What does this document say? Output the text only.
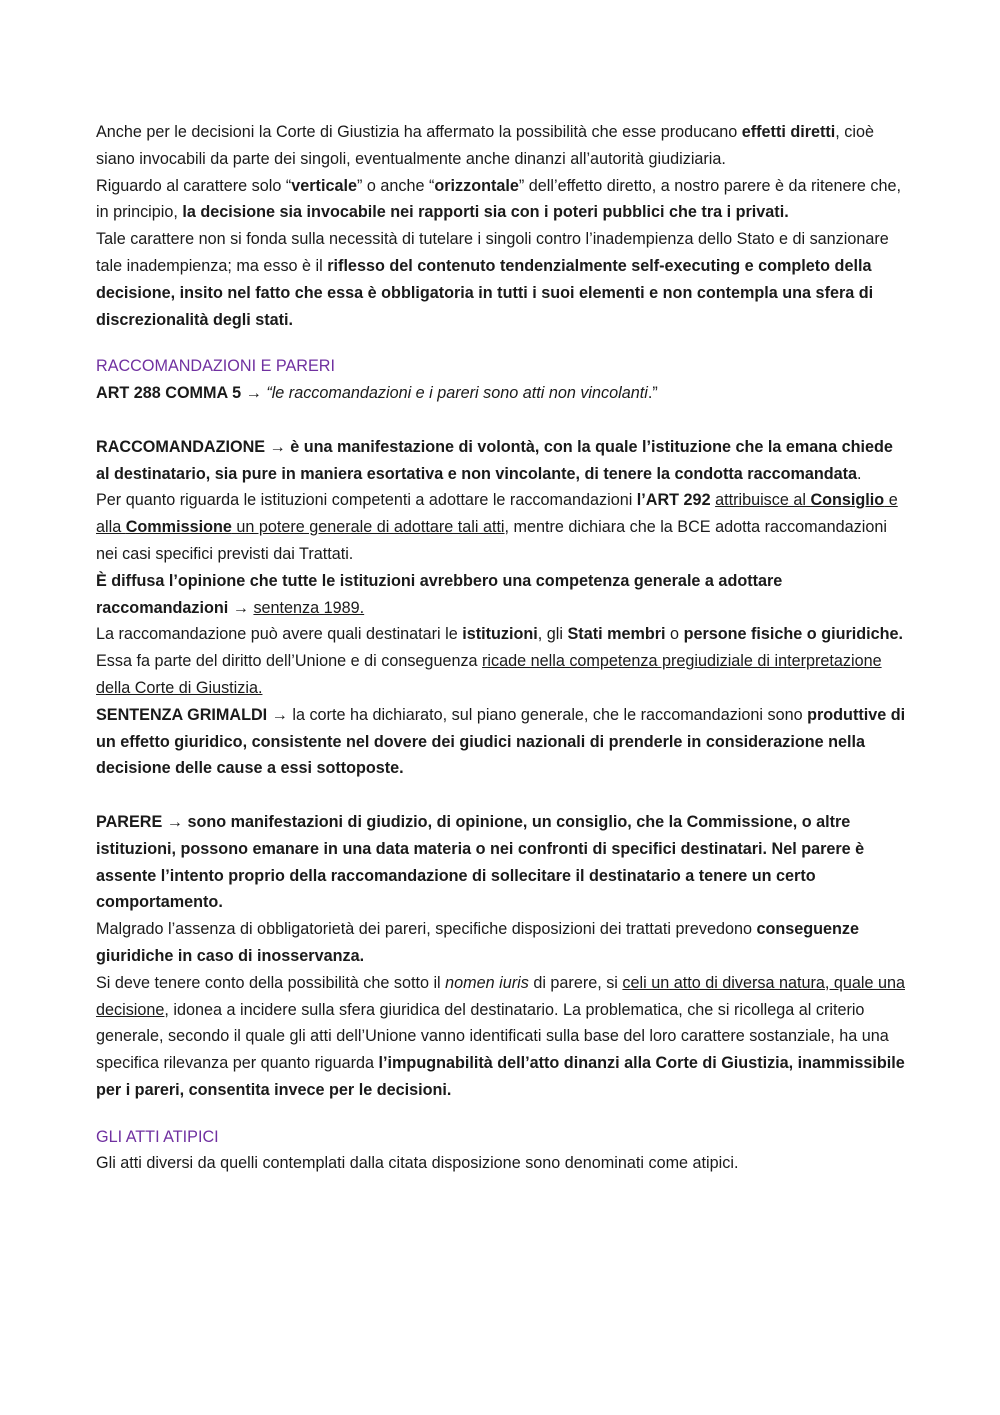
Anche per le decisioni la Corte di Giustizia ha affermato la possibilità che esse producano effetti diretti, cioè siano invocabili da parte dei singoli, eventualmente anche dinanzi all’autorità giudiziaria.

Riguardo al carattere solo “verticale” o anche “orizzontale” dell’effetto diretto, a nostro parere è da ritenere che, in principio, la decisione sia invocabile nei rapporti sia con i poteri pubblici che tra i privati.

Tale carattere non si fonda sulla necessità di tutelare i singoli contro l’inadempienza dello Stato e di sanzionare tale inadempienza; ma esso è il riflesso del contenuto tendenzialmente self-executing e completo della decisione, insito nel fatto che essa è obbligatoria in tutti i suoi elementi e non contempla una sfera di discrezionalità degli stati.

RACCOMANDAZIONI E PARERI

ART 288 COMMA 5 → “le raccomandazioni e i pareri sono atti non vincolanti.”

RACCOMANDAZIONE → è una manifestazione di volontà, con la quale l’istituzione che la emana chiede al destinatario, sia pure in maniera esortativa e non vincolante, di tenere la condotta raccomandata.

Per quanto riguarda le istituzioni competenti a adottare le raccomandazioni l’ART 292 attribuisce al Consiglio e alla Commissione un potere generale di adottare tali atti, mentre dichiara che la BCE adotta raccomandazioni nei casi specifici previsti dai Trattati.

È diffusa l’opinione che tutte le istituzioni avrebbero una competenza generale a adottare raccomandazioni → sentenza 1989.

La raccomandazione può avere quali destinatari le istituzioni, gli Stati membri o persone fisiche o giuridiche.

Essa fa parte del diritto dell’Unione e di conseguenza ricade nella competenza pregiudiziale di interpretazione della Corte di Giustizia.

SENTENZA GRIMALDI → la corte ha dichiarato, sul piano generale, che le raccomandazioni sono produttive di un effetto giuridico, consistente nel dovere dei giudici nazionali di prenderle in considerazione nella decisione delle cause a essi sottoposte.

PARERE → sono manifestazioni di giudizio, di opinione, un consiglio, che la Commissione, o altre istituzioni, possono emanare in una data materia o nei confronti di specifici destinatari. Nel parere è assente l’intento proprio della raccomandazione di sollecitare il destinatario a tenere un certo comportamento.

Malgrado l’assenza di obbligatorietà dei pareri, specifiche disposizioni dei trattati prevedono conseguenze giuridiche in caso di inosservanza.

Si deve tenere conto della possibilità che sotto il nomen iuris di parere, si celi un atto di diversa natura, quale una decisione, idonea a incidere sulla sfera giuridica del destinatario. La problematica, che si ricollega al criterio generale, secondo il quale gli atti dell’Unione vanno identificati sulla base del loro carattere sostanziale, ha una specifica rilevanza per quanto riguarda l’impugnabilità dell’atto dinanzi alla Corte di Giustizia, inammissibile per i pareri, consentita invece per le decisioni.

GLI ATTI ATIPICI

Gli atti diversi da quelli contemplati dalla citata disposizione sono denominati come atipici.
